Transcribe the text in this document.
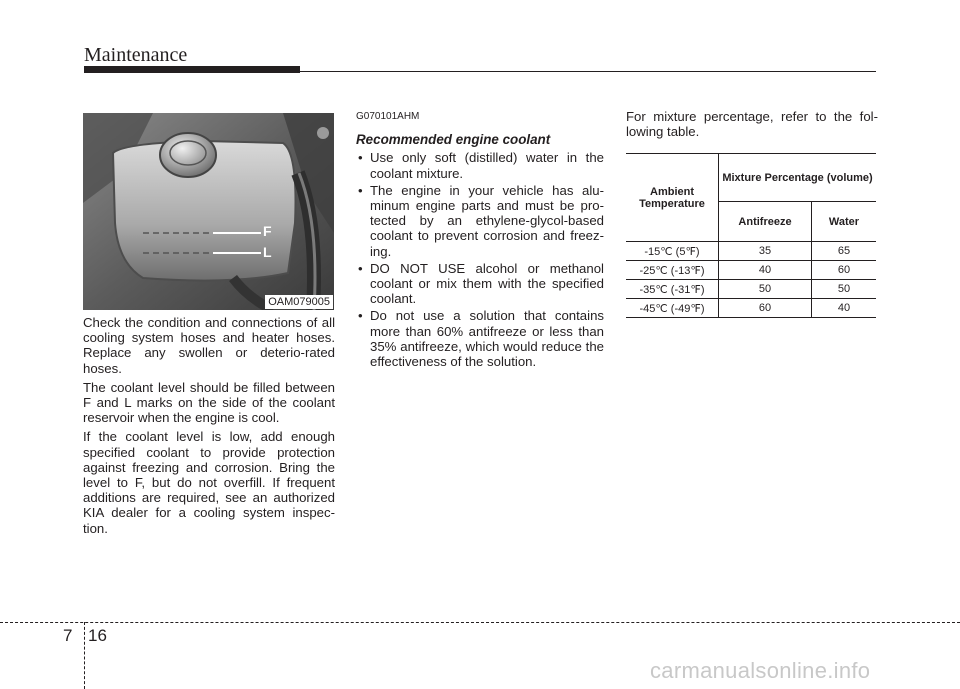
Maintenance
F
L
OAM079005

Check the condition and connections of all cooling system hoses and heater hoses. Replace any swollen or deterio-rated hoses.

The coolant level should be filled between F and L marks on the side of the coolant reservoir when the engine is cool.

If the coolant level is low, add enough specified coolant to provide protection against freezing and corrosion. Bring the level to F, but do not overfill. If frequent additions are required, see an authorized KIA dealer for a cooling system inspec-tion.

G070101AHM
Recommended engine coolant
• Use only soft (distilled) water in the coolant mixture.
• The engine in your vehicle has alu-minum engine parts and must be pro-tected by an ethylene-glycol-based coolant to prevent corrosion and freez-ing.
• DO NOT USE alcohol or methanol coolant or mix them with the specified coolant.
• Do not use a solution that contains more than 60% antifreeze or less than 35% antifreeze, which would reduce the effectiveness of the solution.

For mixture percentage, refer to the fol-lowing table.

Ambient Temperature	Mixture Percentage (volume)	
	Antifreeze	Water
-15℃ (5℉)	35	65
-25℃ (-13℉)	40	60
-35℃ (-31℉)	50	50
-45℃ (-49℉)	60	40
7 16
carmanualsonline.info
